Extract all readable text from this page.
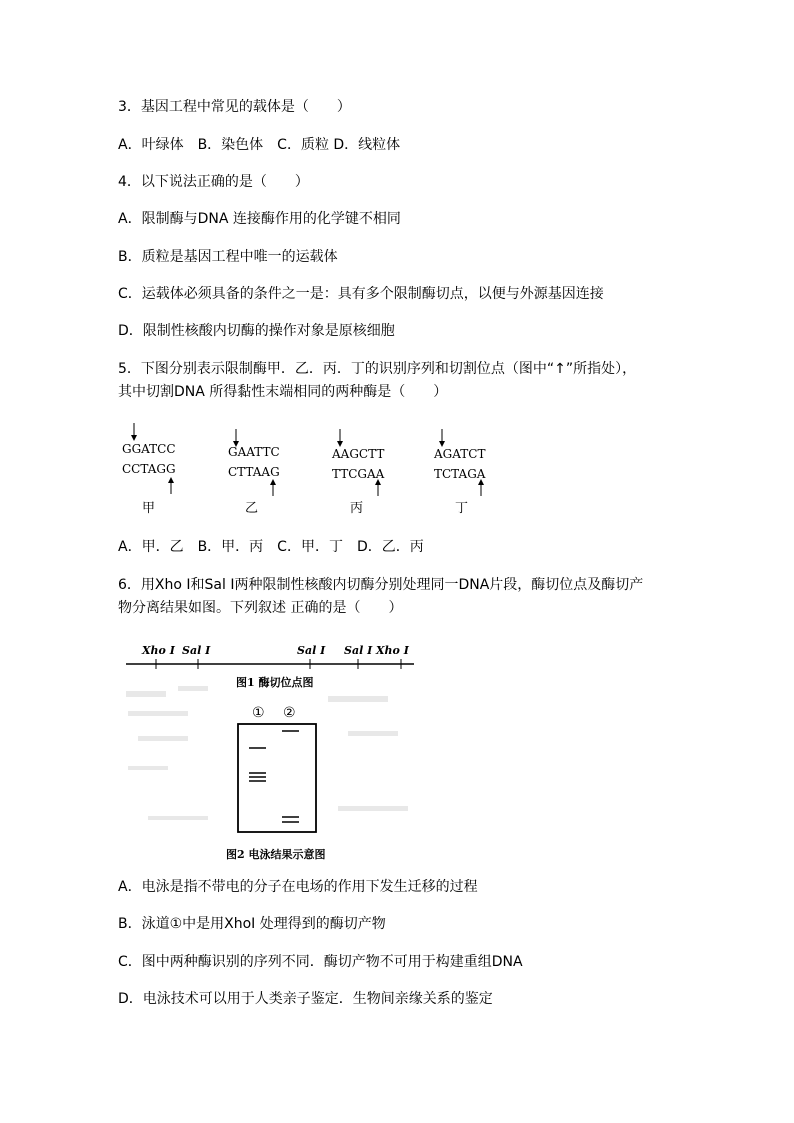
3．基因工程中常见的载体是（　　）
A．叶绿体　B．染色体　C．质粒 D．线粒体
4．以下说法正确的是（　　）
A．限制酶与DNA 连接酶作用的化学键不相同
B．质粒是基因工程中唯一的运载体
C．运载体必须具备的条件之一是：具有多个限制酶切点，以便与外源基因连接
D．限制性核酸内切酶的操作对象是原核细胞
5．下图分别表示限制酶甲．乙．丙．丁的识别序列和切割位点（图中“↑”所指处），
其中切割DNA 所得黏性末端相同的两种酶是（　　）
GGATCC
CCTAGG
甲
GAATTC
CTTAAG
乙
AAGCTT
TTCGAA
丙
AGATCT
TCTAGA
丁
A．甲．乙　B．甲．丙　C．甲．丁　D．乙．丙
6．用Xho Ⅰ和Sal Ⅰ两种限制性核酸内切酶分别处理同一DNA片段，酶切位点及酶切产
物分离结果如图。下列叙述 正确的是（　　）
Xho Ⅰ Sal Ⅰ	Sal Ⅰ Sal Ⅰ Xho Ⅰ
图1 酶切位点图
① ②
图2 电泳结果示意图
A．电泳是指不带电的分子在电场的作用下发生迁移的过程
B．泳道①中是用XhoI 处理得到的酶切产物
C．图中两种酶识别的序列不同．酶切产物不可用于构建重组DNA
D．电泳技术可以用于人类亲子鉴定．生物间亲缘关系的鉴定
